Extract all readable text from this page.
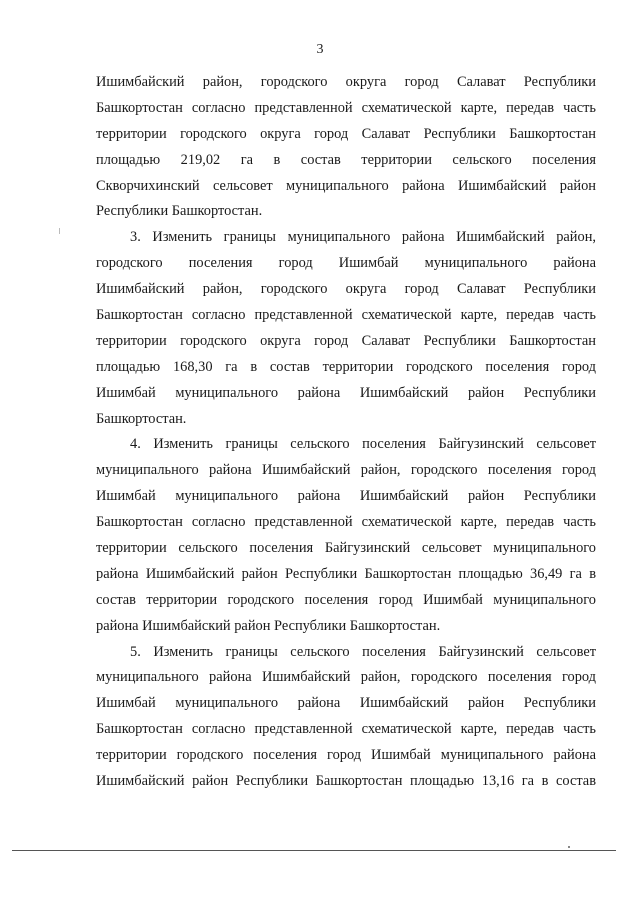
3
Ишимбайский район, городского округа город Салават Республики
Башкортостан согласно представленной схематической карте, передав часть
территории городского округа город Салават Республики Башкортостан
площадью 219,02 га в состав территории сельского поселения
Скворчихинский сельсовет муниципального района Ишимбайский район
Республики Башкортостан.
3. Изменить границы муниципального района Ишимбайский район,
городского поселения город Ишимбай муниципального района
Ишимбайский район, городского округа город Салават Республики
Башкортостан согласно представленной схематической карте, передав часть
территории городского округа город Салават Республики Башкортостан
площадью 168,30 га в состав территории городского поселения город
Ишимбай муниципального района Ишимбайский район Республики
Башкортостан.
4. Изменить границы сельского поселения Байгузинский сельсовет
муниципального района Ишимбайский район, городского поселения город
Ишимбай муниципального района Ишимбайский район Республики
Башкортостан согласно представленной схематической карте, передав часть
территории сельского поселения Байгузинский сельсовет муниципального
района Ишимбайский район Республики Башкортостан площадью 36,49 га в
состав территории городского поселения город Ишимбай муниципального
района Ишимбайский район Республики Башкортостан.
5. Изменить границы сельского поселения Байгузинский сельсовет
муниципального района Ишимбайский район, городского поселения город
Ишимбай муниципального района Ишимбайский район Республики
Башкортостан согласно представленной схематической карте, передав часть
территории городского поселения город Ишимбай муниципального района
Ишимбайский район Республики Башкортостан площадью 13,16 га в состав
